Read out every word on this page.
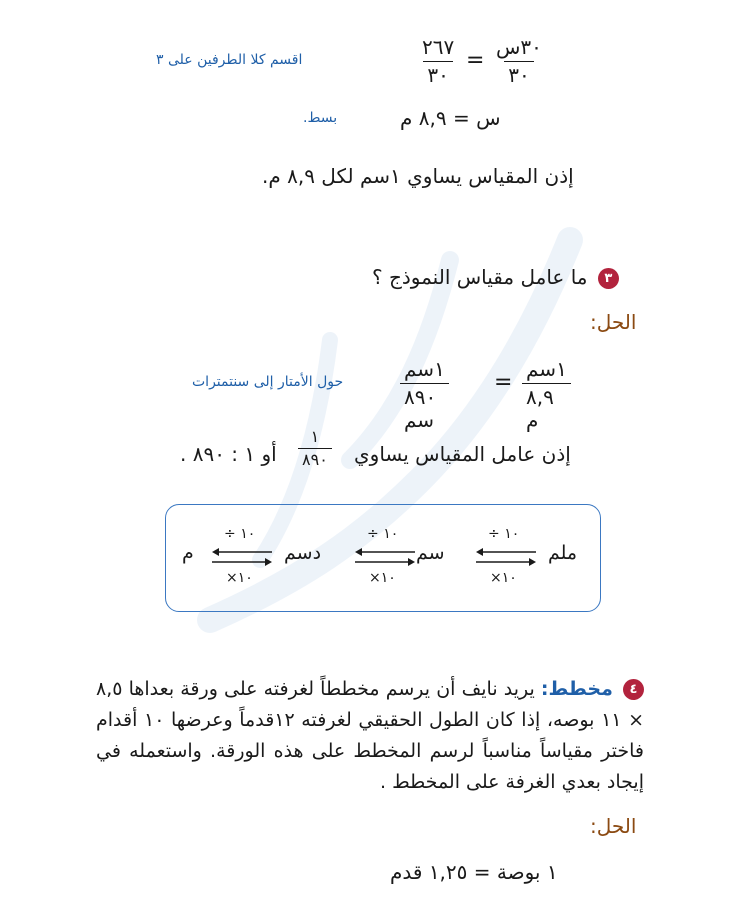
٣٠س
٣٠
=
٢٦٧
٣٠
اقسم كلا الطرفين على ٣
س = ٨,٩ م
بسط.
إذن المقياس يساوي ١سم لكل ٨,٩ م.
٣ ما عامل مقياس النموذج ؟
الحل:
١سم
٨,٩ م
=
١سم
٨٩٠ سم
حول الأمتار إلى سنتمترات
إذن عامل المقياس يساوي
١
٨٩٠
أو ١ : ٨٩٠ .
ملم
سم
دسم
م
÷ ١٠
×١٠
÷ ١٠
×١٠
÷ ١٠
×١٠
٤ مخطط: يريد نايف أن يرسم مخططاً لغرفته على ورقة بعداها ٨,٥ × ١١ بوصه، إذا كان الطول الحقيقي لغرفته ١٢قدماً وعرضها ١٠ أقدام فاختر مقياساً مناسباً لرسم المخطط على هذه الورقة. واستعمله في إيجاد بعدي الغرفة على المخطط .
الحل:
١ بوصة = ١,٢٥ قدم
